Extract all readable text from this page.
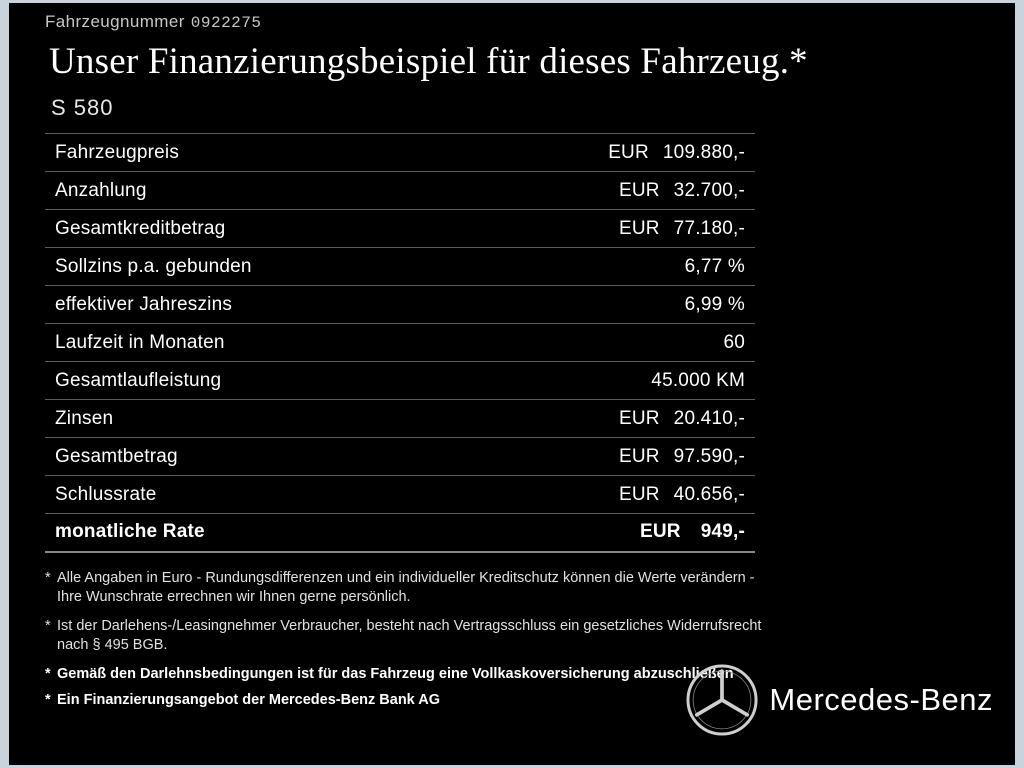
Fahrzeugnummer 0922275
Unser Finanzierungsbeispiel für dieses Fahrzeug.*
S 580
Fahrzeugpreis	EUR 109.880,-
Anzahlung	EUR 32.700,-
Gesamtkreditbetrag	EUR 77.180,-
Sollzins p.a. gebunden	6,77 %
effektiver Jahreszins	6,99 %
Laufzeit in Monaten	60
Gesamtlaufleistung	45.000 KM
Zinsen	EUR 20.410,-
Gesamtbetrag	EUR 97.590,-
Schlussrate	EUR 40.656,-
monatliche Rate	EUR 949,-
* Alle Angaben in Euro - Rundungsdifferenzen und ein individueller Kreditschutz können die Werte verändern - Ihre Wunschrate errechnen wir Ihnen gerne persönlich.
* Ist der Darlehens-/Leasingnehmer Verbraucher, besteht nach Vertragsschluss ein gesetzliches Widerrufsrecht nach § 495 BGB.
* Gemäß den Darlehnsbedingungen ist für das Fahrzeug eine Vollkaskoversicherung abzuschließen
* Ein Finanzierungsangebot der Mercedes-Benz Bank AG	Mercedes-Benz
